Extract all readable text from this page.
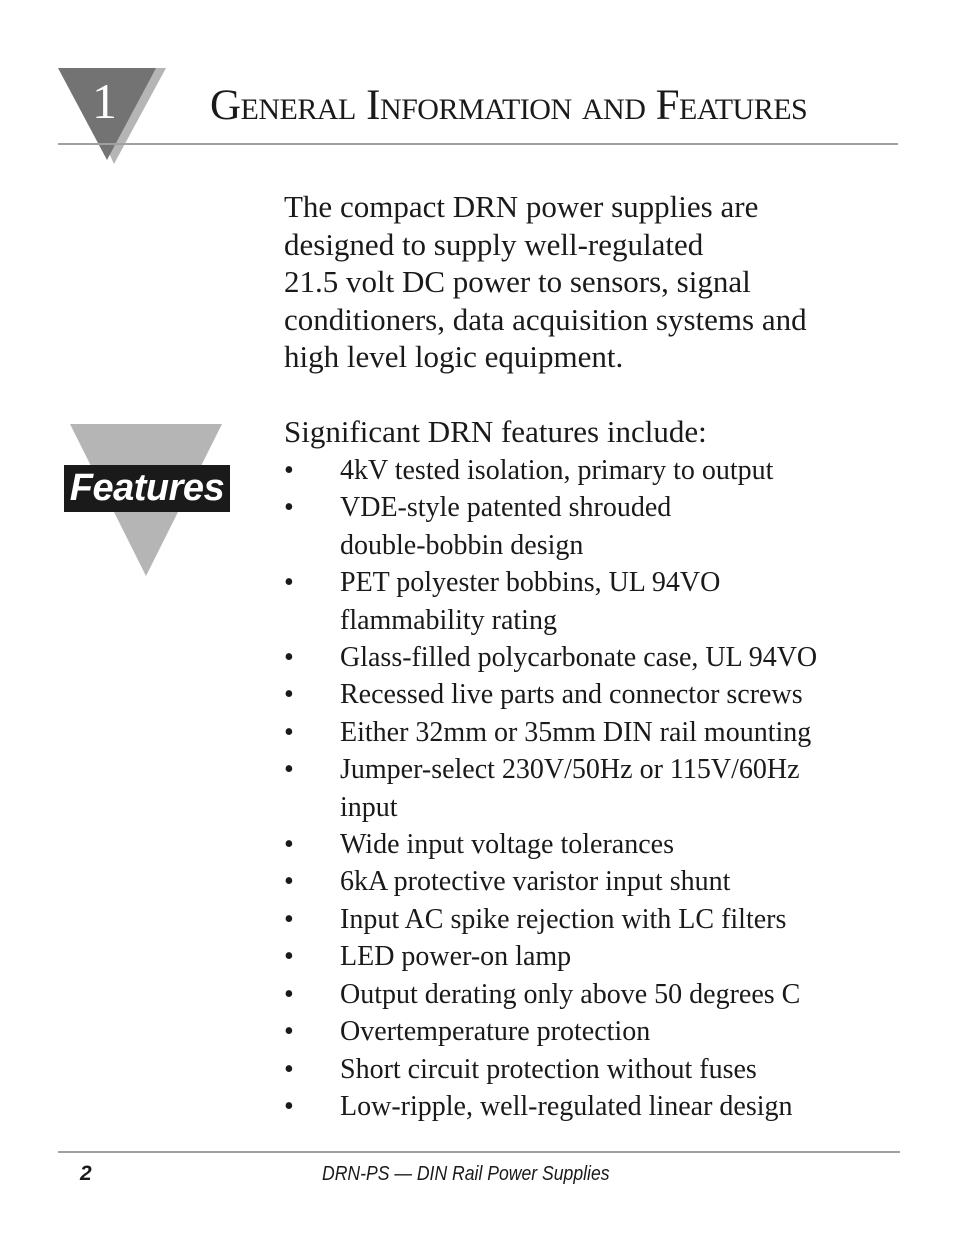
1 General Information and Features
The compact DRN power supplies are
designed to supply well-regulated
21.5 volt DC power to sensors, signal
conditioners, data acquisition systems and
high level logic equipment.
Features
Significant DRN features include:
•	4kV tested isolation, primary to output
•	VDE-style patented shrouded
double-bobbin design
•	PET polyester bobbins, UL 94VO
flammability rating
•	Glass-filled polycarbonate case, UL 94VO
•	Recessed live parts and connector screws
•	Either 32mm or 35mm DIN rail mounting
•	Jumper-select 230V/50Hz or 115V/60Hz
input
•	Wide input voltage tolerances
•	6kA protective varistor input shunt
•	Input AC spike rejection with LC filters
•	LED power-on lamp
•	Output derating only above 50 degrees C
•	Overtemperature protection
•	Short circuit protection without fuses
•	Low-ripple, well-regulated linear design
2	DRN-PS — DIN Rail Power Supplies
